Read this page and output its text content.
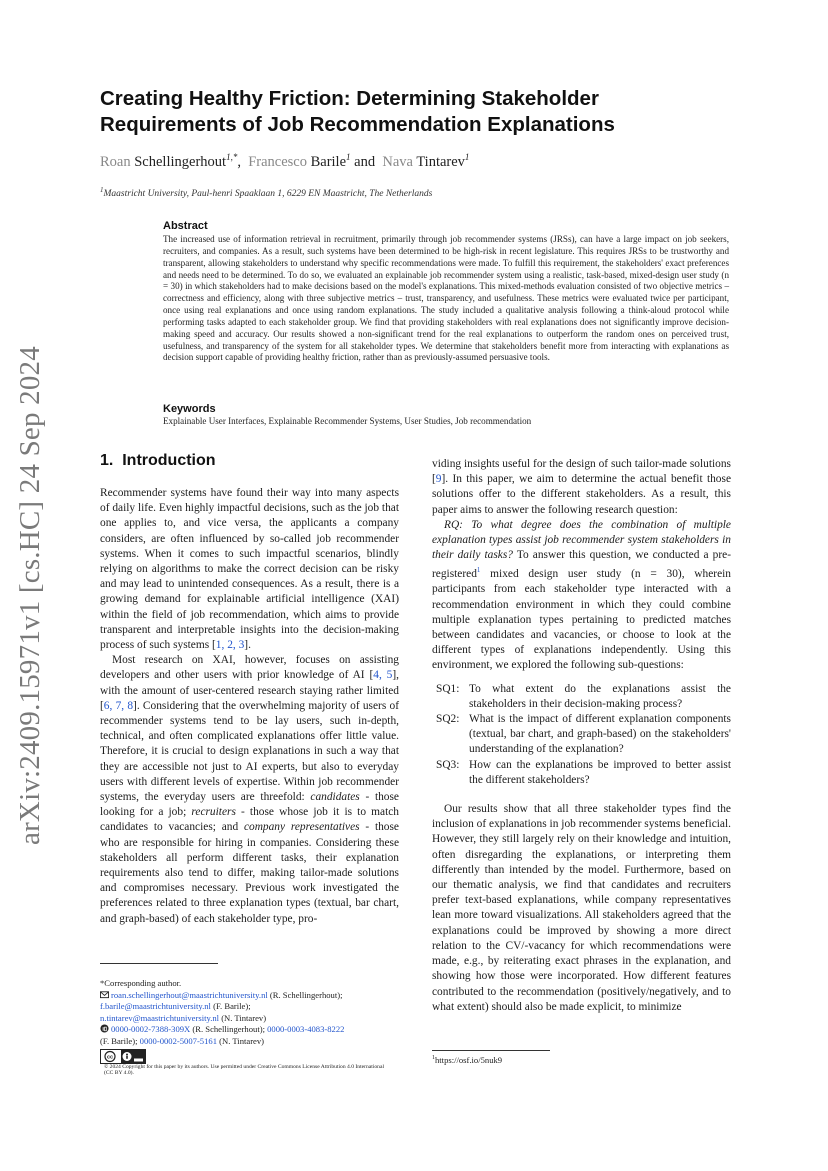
arXiv:2409.15971v1 [cs.HC] 24 Sep 2024
Creating Healthy Friction: Determining Stakeholder Requirements of Job Recommendation Explanations
Roan Schellingerhout$^{1,*}$,  Francesco Barile$^1$ and Nava Tintarev$^1$
$^1$Maastricht University, Paul-henri Spaaklaan 1, 6229 EN Maastricht, The Netherlands
Abstract
The increased use of information retrieval in recruitment, primarily through job recommender systems (JRSs), can have a large impact on job seekers, recruiters, and companies. As a result, such systems have been determined to be high-risk in recent legislature. This requires JRSs to be trustworthy and transparent, allowing stakeholders to understand why specific recommendations were made. To fulfill this requirement, the stakeholders' exact preferences and needs need to be determined. To do so, we evaluated an explainable job recommender system using a realistic, task-based, mixed-design user study (n = 30) in which stakeholders had to make decisions based on the model's explanations. This mixed-methods evaluation consisted of two objective metrics – correctness and efficiency, along with three subjective metrics – trust, transparency, and usefulness. These metrics were evaluated twice per participant, once using real explanations and once using random explanations. The study included a qualitative analysis following a think-aloud protocol while performing tasks adapted to each stakeholder group. We find that providing stakeholders with real explanations does not significantly improve decision-making speed and accuracy. Our results showed a non-significant trend for the real explanations to outperform the random ones on perceived trust, usefulness, and transparency of the system for all stakeholder types. We determine that stakeholders benefit more from interacting with explanations as decision support capable of providing healthy friction, rather than as previously-assumed persuasive tools.
Keywords
Explainable User Interfaces, Explainable Recommender Systems, User Studies, Job recommendation
1. Introduction

Recommender systems have found their way into many aspects of daily life. Even highly impactful decisions, such as the job that one applies to, and vice versa, the applicants a company considers, are often influenced by so-called job recommender systems. When it comes to such impactful scenarios, blindly relying on algorithms to make the correct decision can be risky and may lead to unintended consequences. As a result, there is a growing demand for explainable artificial intelligence (XAI) within the field of job recommendation, which aims to provide transparent and interpretable insights into the decision-making process of such systems [1, 2, 3].

Most research on XAI, however, focuses on assisting developers and other users with prior knowledge of AI [4, 5], with the amount of user-centered research staying rather limited [6, 7, 8]. Considering that the overwhelming majority of users of recommender systems tend to be lay users, such in-depth, technical, and often complicated explanations offer little value. Therefore, it is crucial to design explanations in such a way that they are accessible not just to AI experts, but also to everyday users with different levels of expertise. Within job recommender systems, the everyday users are threefold: candidates - those looking for a job; recruiters - those whose job it is to match candidates to vacancies; and company representatives - those who are responsible for hiring in companies. Considering these stakeholders all perform different tasks, their explanation requirements also tend to differ, making tailor-made solutions and compromises necessary. Previous work investigated the preferences related to three explanation types (textual, bar chart, and graph-based) of each stakeholder type, pro-

viding insights useful for the design of such tailor-made solutions [9]. In this paper, we aim to determine the actual benefit those solutions offer to the different stakeholders. As a result, this paper aims to answer the following research question:

RQ: To what degree does the combination of multiple explanation types assist job recommender system stakeholders in their daily tasks? To answer this question, we conducted a pre-registered$^1$ mixed design user study (n = 30), wherein participants from each stakeholder type interacted with a recommendation environment in which they could combine multiple explanation types pertaining to predicted matches between candidates and vacancies, or choose to look at the different types of explanations independently. Using this environment, we explored the following sub-questions:

SQ1: To what extent do the explanations assist the stakeholders in their decision-making process?

SQ2: What is the impact of different explanation components (textual, bar chart, and graph-based) on the stakeholders' understanding of the explanation?

SQ3: How can the explanations be improved to better assist the different stakeholders?

Our results show that all three stakeholder types find the inclusion of explanations in job recommender systems beneficial. However, they still largely rely on their knowledge and intuition, often disregarding the explanations, or interpreting them differently than intended by the model. Furthermore, based on our thematic analysis, we find that candidates and recruiters prefer text-based explanations, while company representatives lean more toward visualizations. All stakeholders agreed that the explanations could be improved by showing a more direct relation to the CV/-vacancy for which recommendations were made, e.g., by reiterating exact phrases in the explanation, and showing how those were incorporated. How different features contributed to the recommendation (positively/negatively, and to what extent) should also be made explicit, to minimize

*Corresponding author.
roan.schellingerhout@maastrichtuniversity.nl (R. Schellingerhout);
f.barile@maastrichtuniversity.nl (F. Barile);
n.tintarev@maastrichtuniversity.nl (N. Tintarev)
0000-0002-7388-309X (R. Schellingerhout); 0000-0003-4083-8222
(F. Barile); 0000-0002-5007-5161 (N. Tintarev)
cc
© 2024 Copyright for this paper by its authors. Use permitted under Creative Commons License Attribution 4.0 International (CC BY 4.0).
$^1$https://osf.io/5nuk9
